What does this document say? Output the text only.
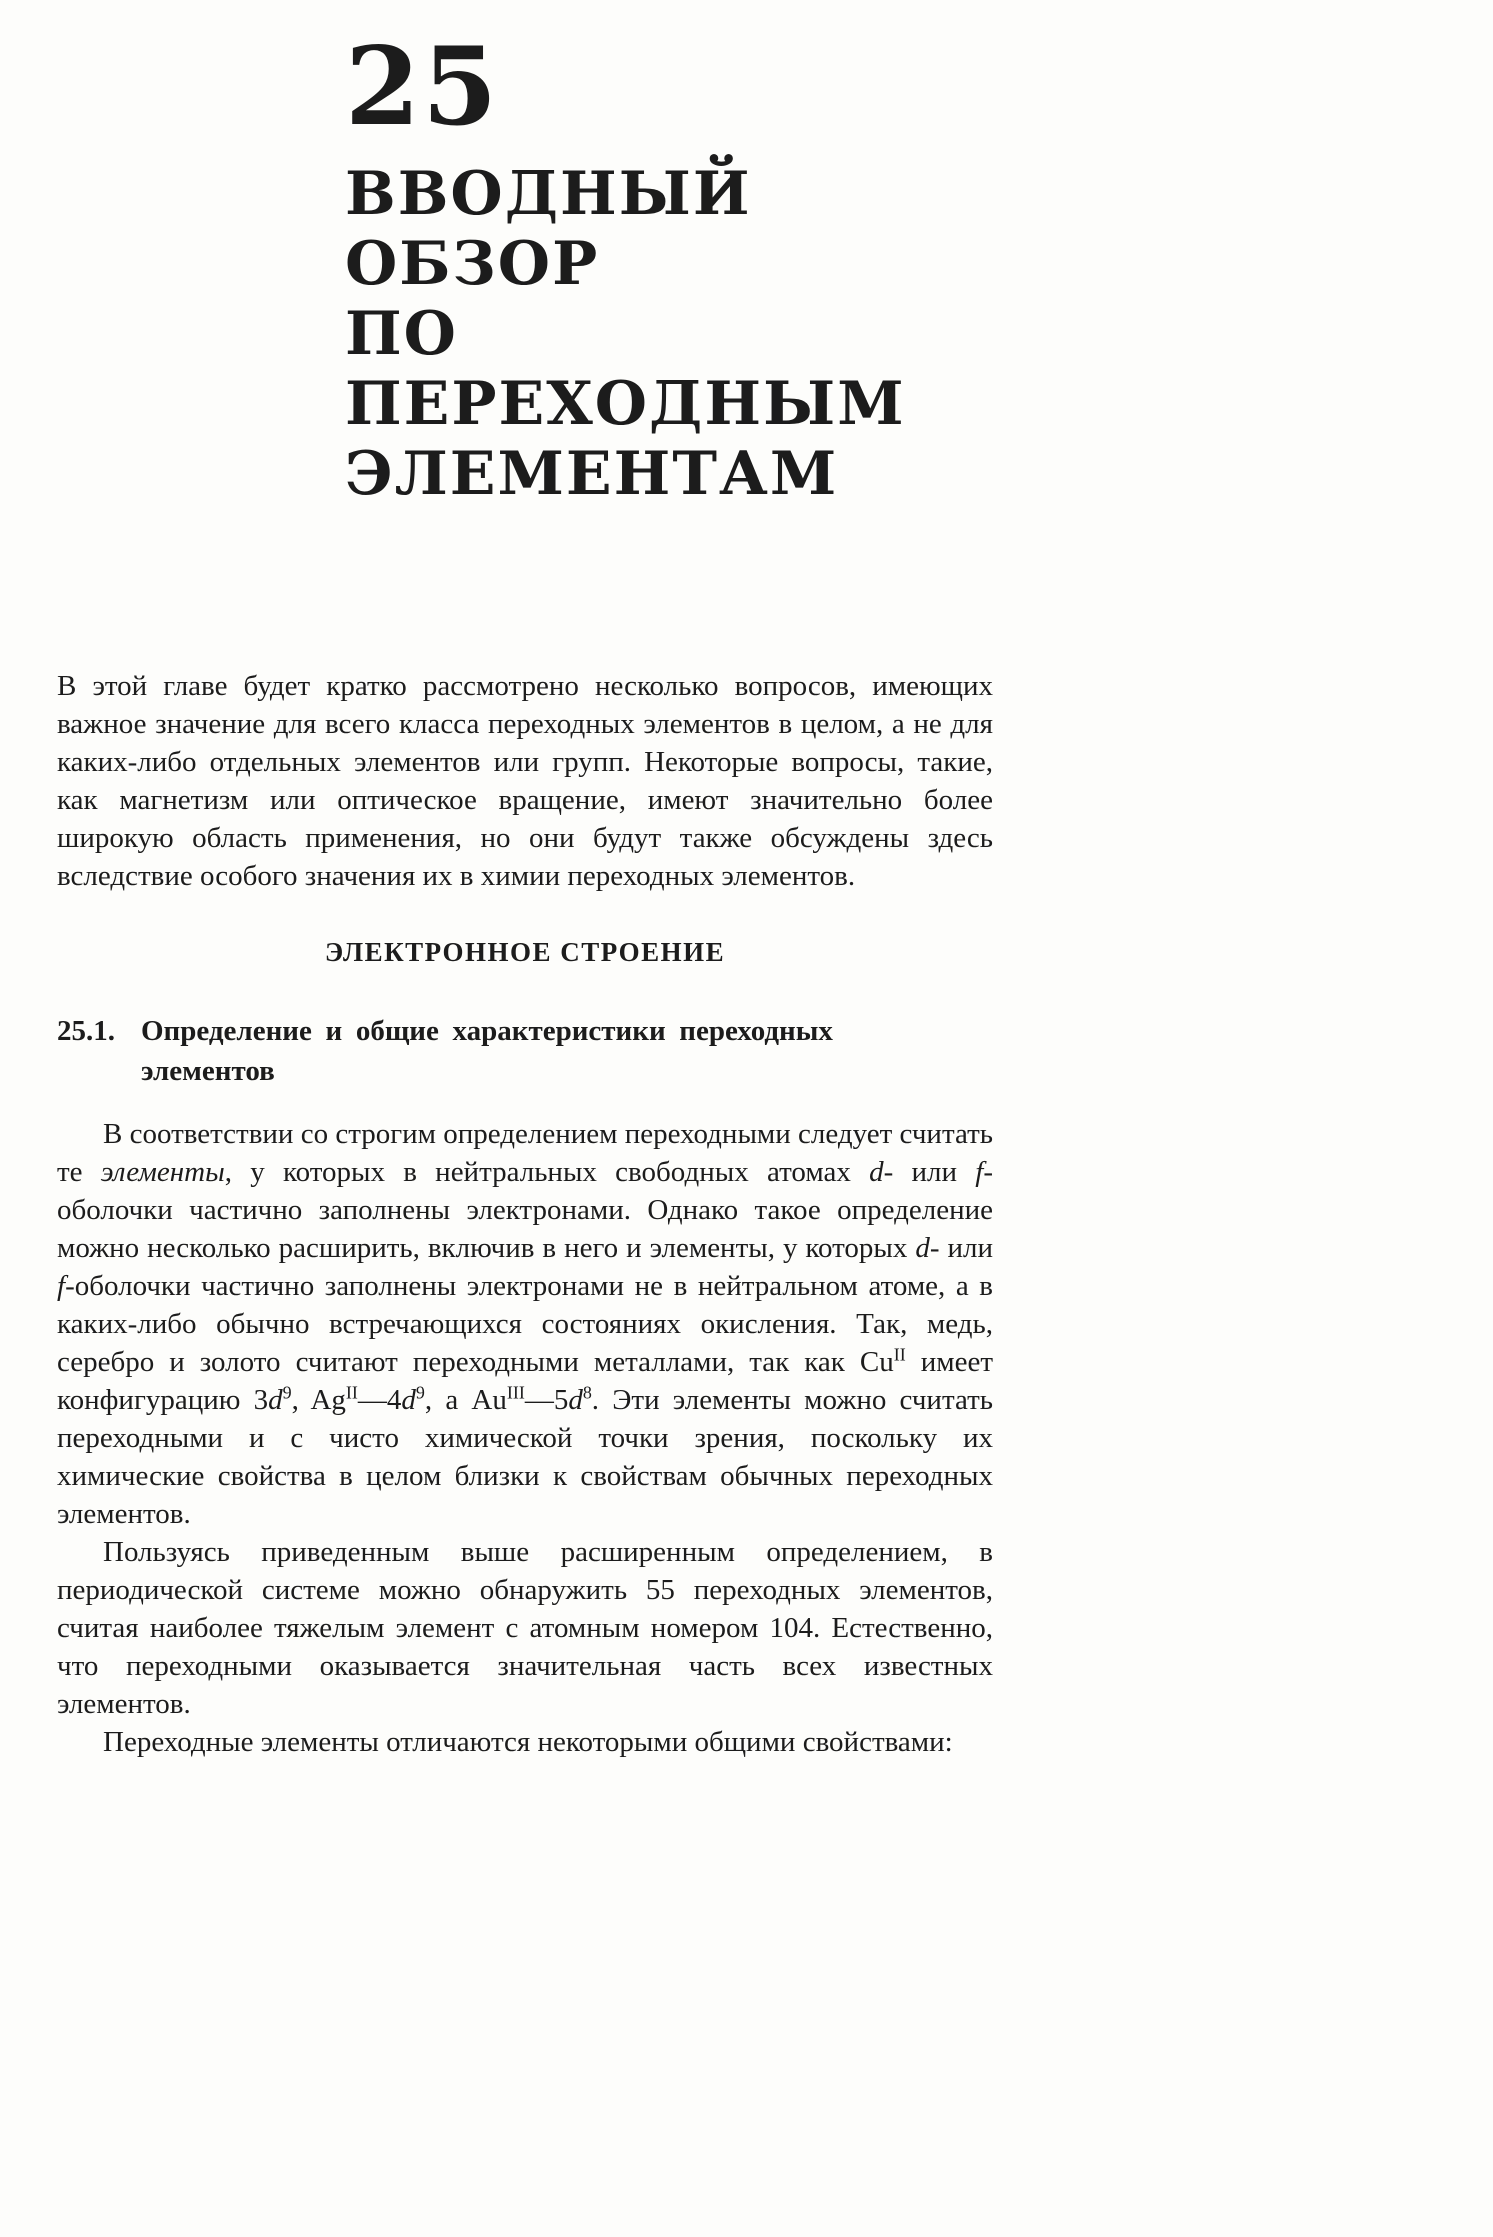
25
ВВОДНЫЙ ОБЗОР
ПО ПЕРЕХОДНЫМ
ЭЛЕМЕНТАМ

В этой главе будет кратко рассмотрено несколько вопросов, имеющих важное значение для всего класса переходных элементов в целом, а не для каких-либо отдельных элементов или групп. Некоторые вопросы, такие, как магнетизм или оптическое вращение, имеют значительно более широкую область применения, но они будут также обсуждены здесь вследствие особого значения их в химии переходных элементов.

ЭЛЕКТРОННОЕ СТРОЕНИЕ
25.1. Определение и общие характеристики переходных элементов

В соответствии со строгим определением переходными следует считать те элементы, у которых в нейтральных свободных атомах d- или f-оболочки частично заполнены электронами. Однако такое определение можно несколько расширить, включив в него и элементы, у которых d- или f-оболочки частично заполнены электронами не в нейтральном атоме, а в каких-либо обычно встречающихся состояниях окисления. Так, медь, серебро и золото считают переходными металлами, так как $Cu^{II}$ имеет конфигурацию $3d^9$, $Ag^{II}—4d^9$, а $Au^{III}—5d^8$. Эти элементы можно считать переходными и с чисто химической точки зрения, поскольку их химические свойства в целом близки к свойствам обычных переходных элементов.

Пользуясь приведенным выше расширенным определением, в периодической системе можно обнаружить 55 переходных элементов, считая наиболее тяжелым элемент с атомным номером 104. Естественно, что переходными оказывается значительная часть всех известных элементов.

Переходные элементы отличаются некоторыми общими свойствами:
